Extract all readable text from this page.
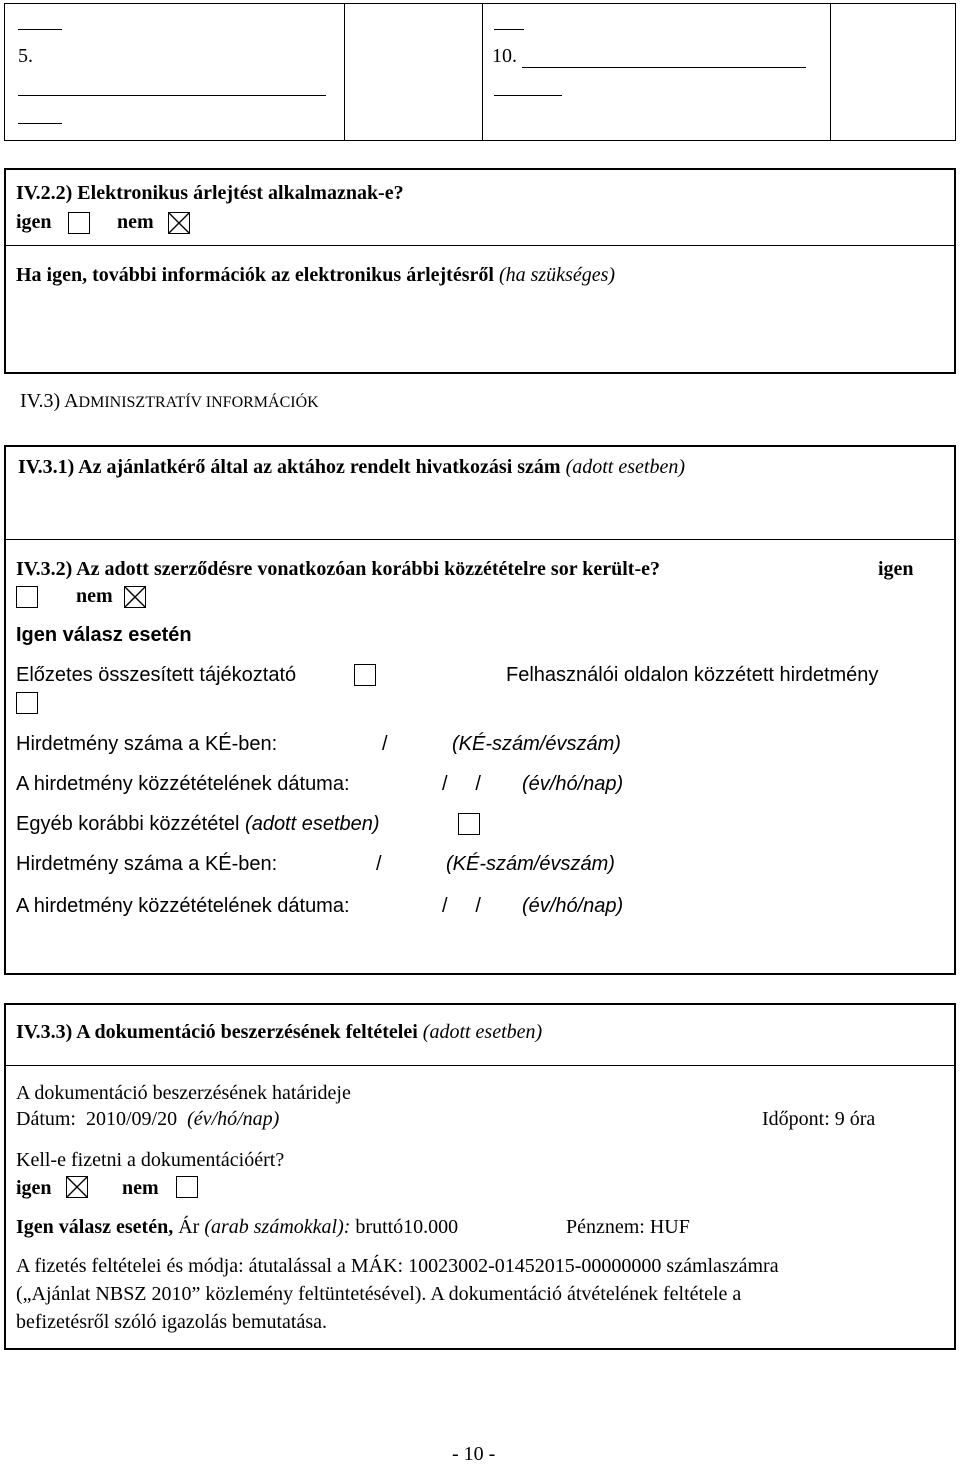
5.	10.
IV.2.2) Elektronikus árlejtést alkalmaznak-e?
igen	nem
Ha igen, további információk az elektronikus árlejtésről (ha szükséges)
IV.3) ADMINISZTRATÍV INFORMÁCIÓK
IV.3.1) Az ajánlatkérő által az aktához rendelt hivatkozási szám (adott esetben)
IV.3.2) Az adott szerződésre vonatkozóan korábbi közzétételre sor került-e?	igen
nem
Igen válasz esetén
Előzetes összesített tájékoztató	Felhasználói oldalon közzétett hirdetmény
Hirdetmény száma a KÉ-ben:	/	(KÉ-szám/évszám)
A hirdetmény közzétételének dátuma:	/     / (év/hó/nap)
Egyéb korábbi közzététel (adott esetben)
Hirdetmény száma a KÉ-ben:	/	(KÉ-szám/évszám)
A hirdetmény közzétételének dátuma:	/     / (év/hó/nap)
IV.3.3) A dokumentáció beszerzésének feltételei (adott esetben)
A dokumentáció beszerzésének határideje
Dátum: 2010/09/20 (év/hó/nap)	Időpont: 9 óra
Kell-e fizetni a dokumentációért?
igen	nem
Igen válasz esetén, Ár (arab számokkal): bruttó10.000	Pénznem: HUF
A fizetés feltételei és módja: átutalással a MÁK: 10023002-01452015-00000000 számlaszámra
(„Ajánlat NBSZ 2010” közlemény feltüntetésével). A dokumentáció átvételének feltétele a
befizetésről szóló igazolás bemutatása.
- 10 -
